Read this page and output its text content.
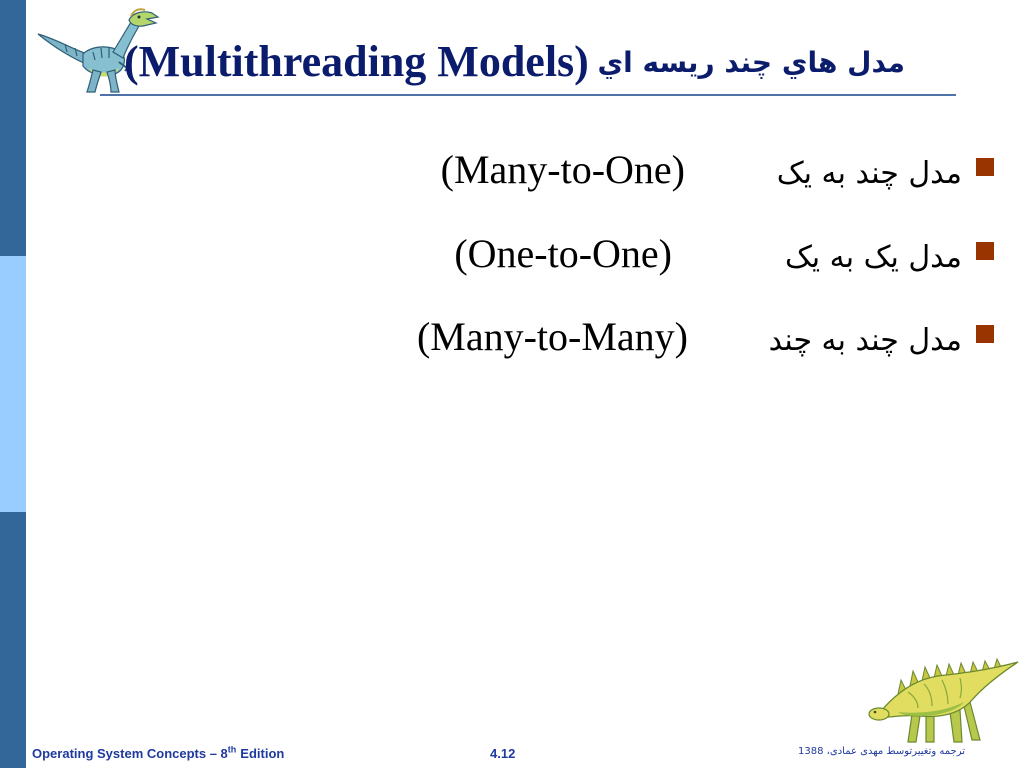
(Multithreading Models) مدل هاي چند ريسه اي
مدل چند به یک
(Many-to-One)
مدل یک به یک
(One-to-One)
مدل چند به چند
(Many-to-Many)
Operating System Concepts – 8th Edition	4.12	ترجمه وتغییرتوسط مهدی عمادی، 1388
